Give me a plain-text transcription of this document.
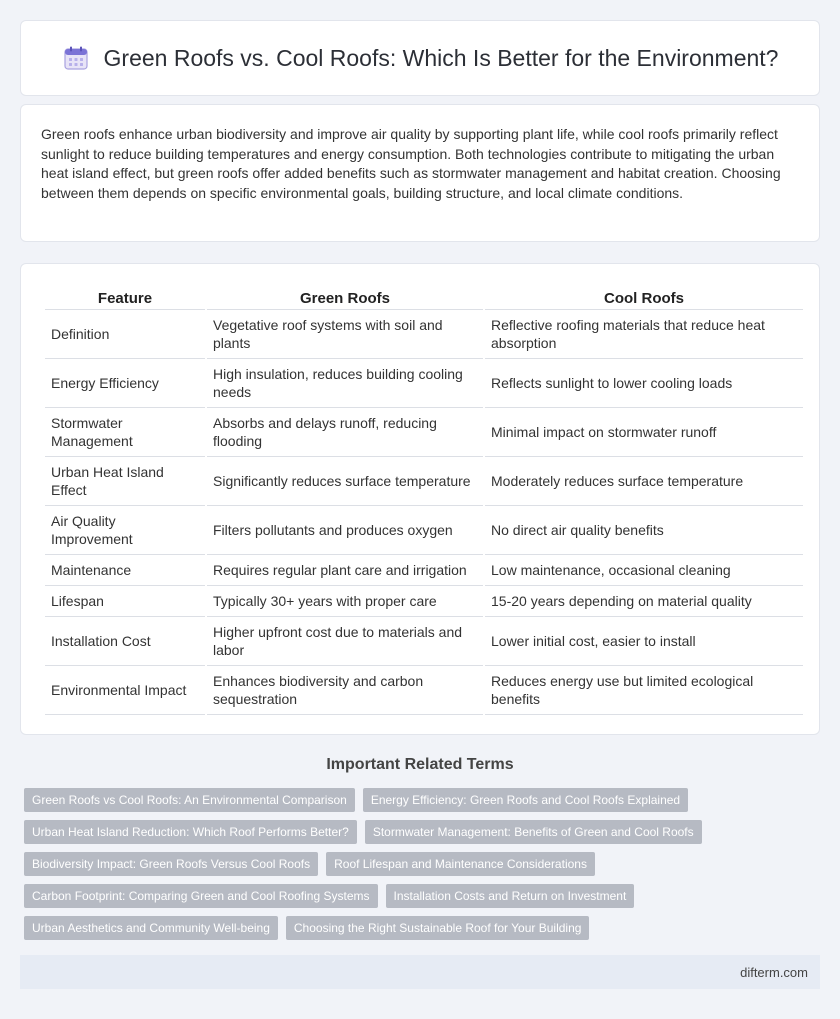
Green Roofs vs. Cool Roofs: Which Is Better for the Environment?

Green roofs enhance urban biodiversity and improve air quality by supporting plant life, while cool roofs primarily reflect sunlight to reduce building temperatures and energy consumption. Both technologies contribute to mitigating the urban heat island effect, but green roofs offer added benefits such as stormwater management and habitat creation. Choosing between them depends on specific environmental goals, building structure, and local climate conditions.

Feature	Green Roofs	Cool Roofs
Definition	Vegetative roof systems with soil and plants	Reflective roofing materials that reduce heat absorption
Energy Efficiency	High insulation, reduces building cooling needs	Reflects sunlight to lower cooling loads
Stormwater Management	Absorbs and delays runoff, reducing flooding	Minimal impact on stormwater runoff
Urban Heat Island Effect	Significantly reduces surface temperature	Moderately reduces surface temperature
Air Quality Improvement	Filters pollutants and produces oxygen	No direct air quality benefits
Maintenance	Requires regular plant care and irrigation	Low maintenance, occasional cleaning
Lifespan	Typically 30+ years with proper care	15-20 years depending on material quality
Installation Cost	Higher upfront cost due to materials and labor	Lower initial cost, easier to install
Environmental Impact	Enhances biodiversity and carbon sequestration	Reduces energy use but limited ecological benefits
Important Related Terms
Green Roofs vs Cool Roofs: An Environmental Comparison	Energy Efficiency: Green Roofs and Cool Roofs Explained
Urban Heat Island Reduction: Which Roof Performs Better?	Stormwater Management: Benefits of Green and Cool Roofs
Biodiversity Impact: Green Roofs Versus Cool Roofs	Roof Lifespan and Maintenance Considerations
Carbon Footprint: Comparing Green and Cool Roofing Systems	Installation Costs and Return on Investment
Urban Aesthetics and Community Well-being	Choosing the Right Sustainable Roof for Your Building
difterm.com
